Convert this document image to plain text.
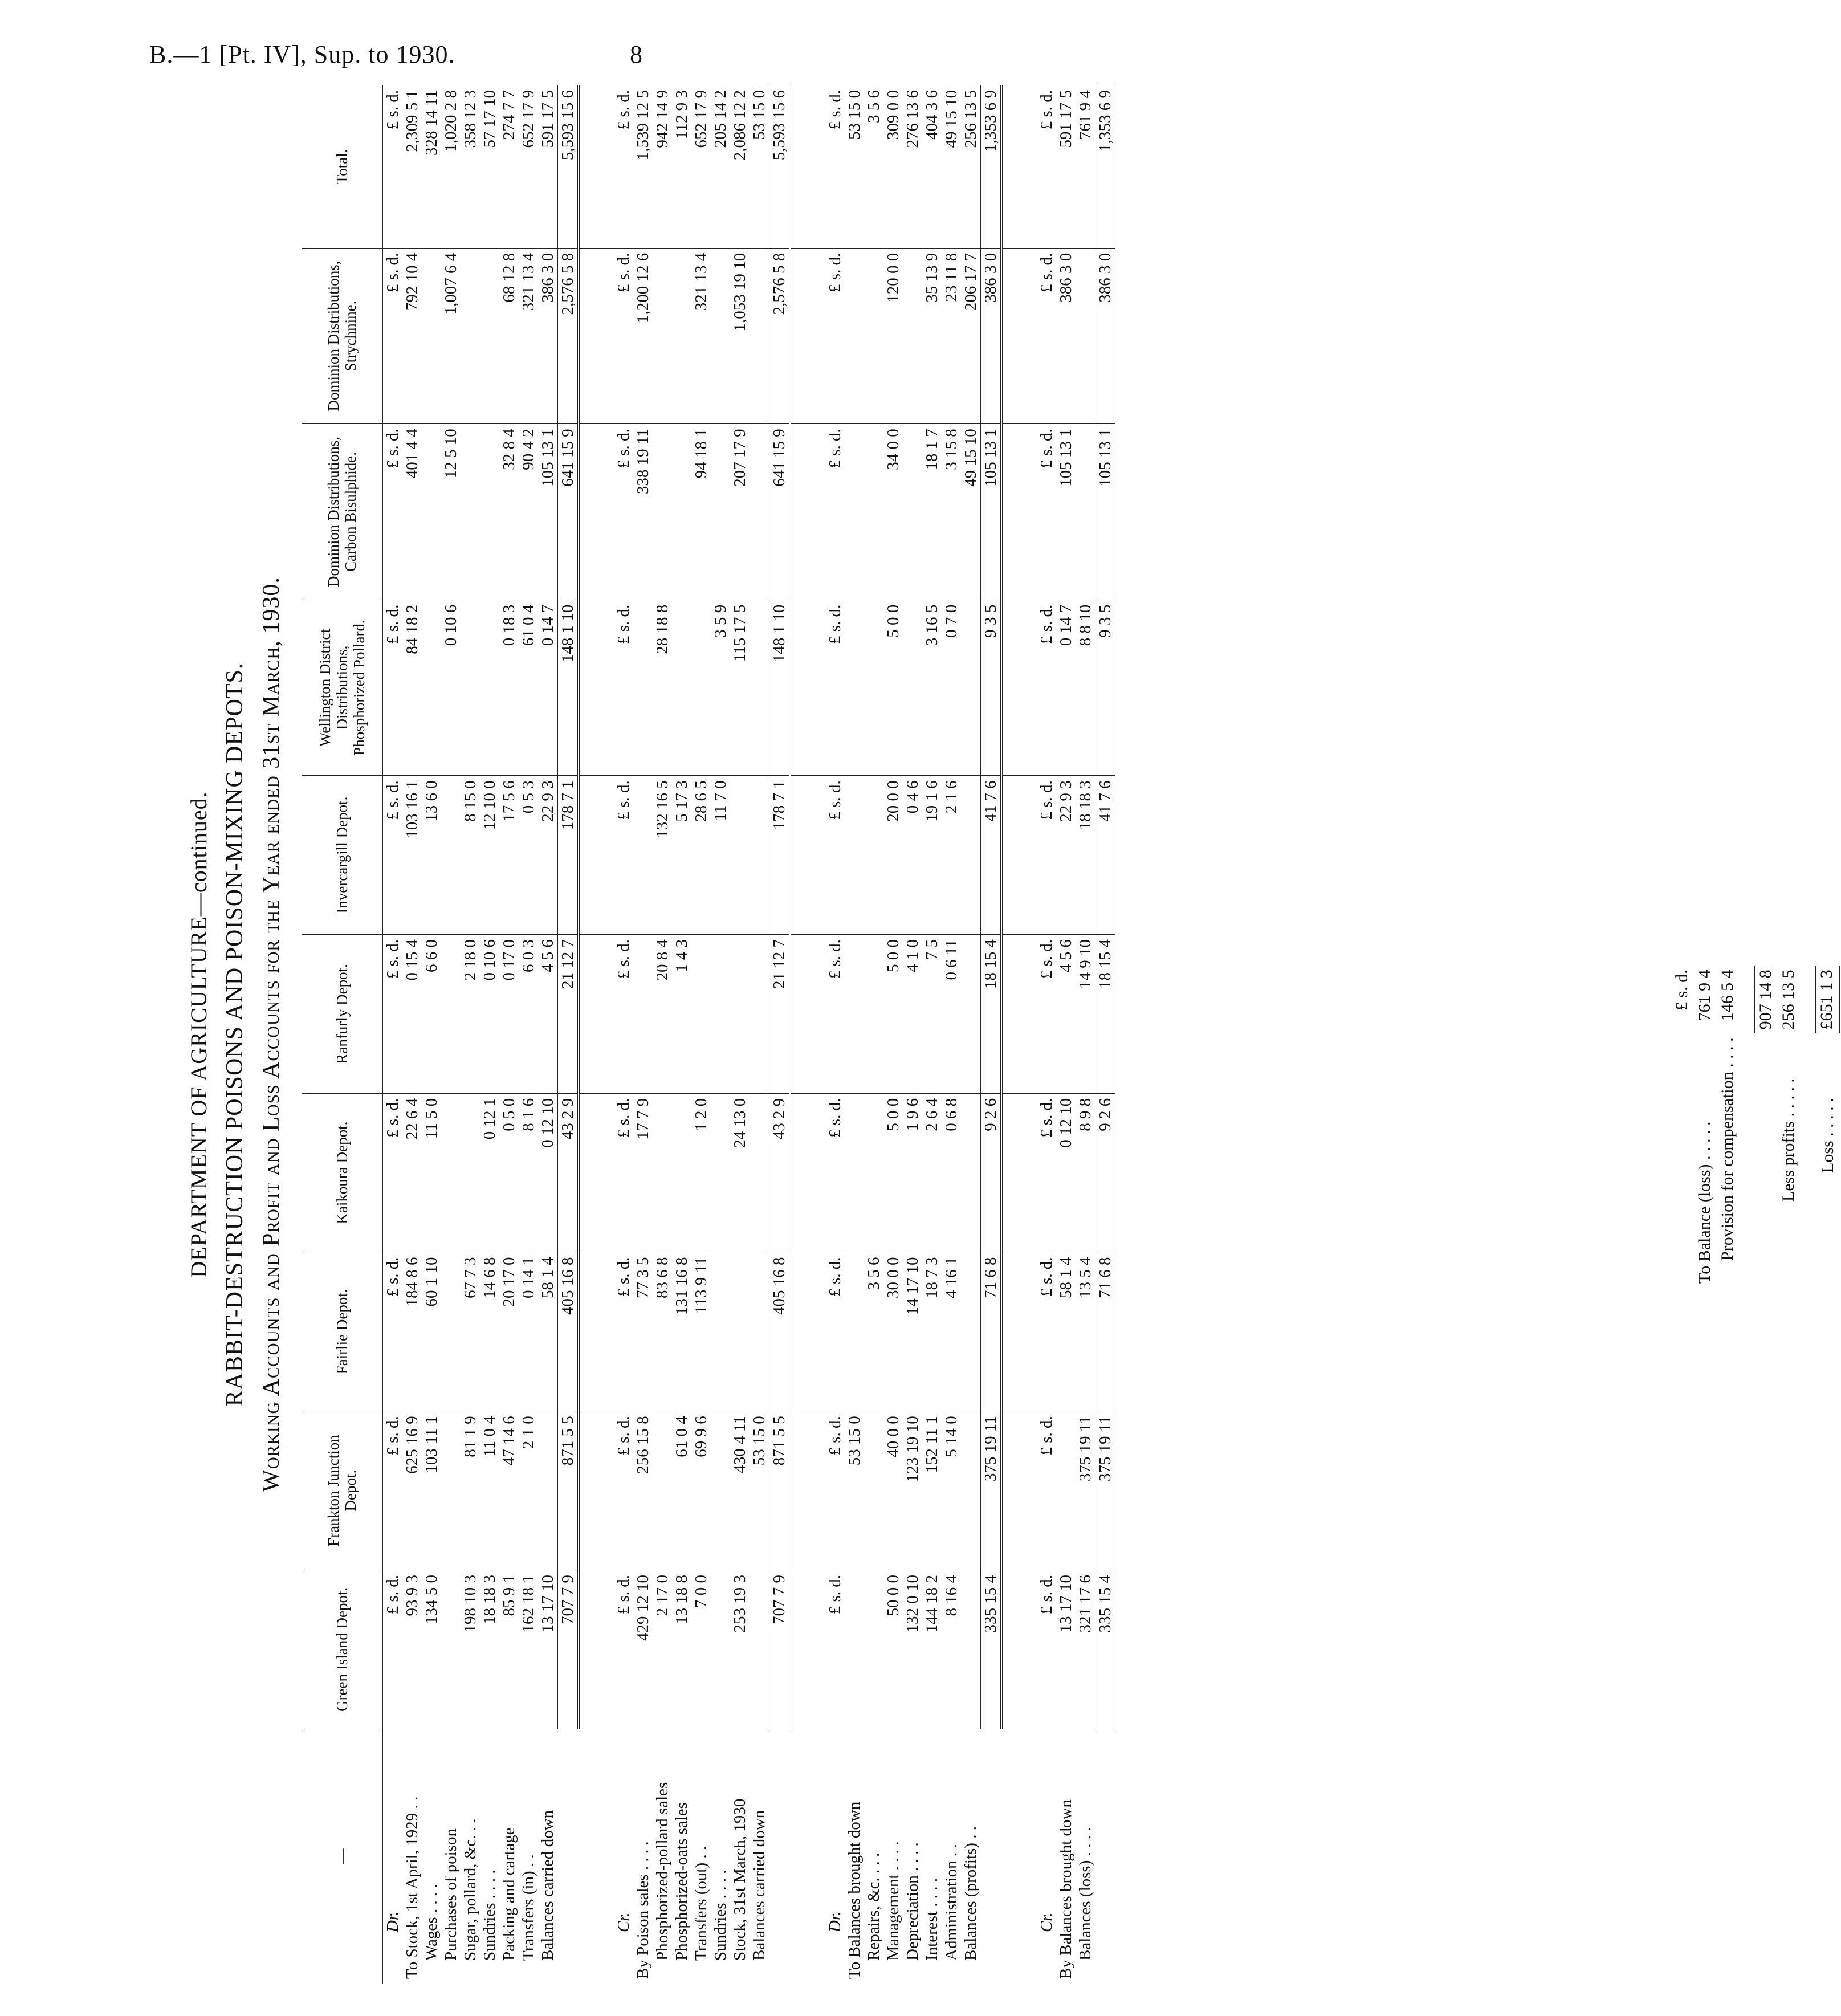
B.—1 [Pt. IV], Sup. to 1930.	8
DEPARTMENT OF AGRICULTURE—continued. RABBIT-DESTRUCTION POISONS AND POISON-MIXING DEPOTS. Working Accounts and Profit and Loss Accounts for the Year ended 31st March, 1930.
—	Green Island Depot.	Frankton Junction Depot.	Fairlie Depot.	Kaikoura Depot.	Ranfurly Depot.	Invercargill Depot.	Wellington District Distributions, Phosphorized Pollard.	Dominion Distributions, Carbon Bisulphide.	Dominion Distributions, Strychnine.	Total.
Dr.	£ s. d.	£ s. d.	£ s. d.	£ s. d.	£ s. d.	£ s. d.	£ s. d.	£ s. d.	£ s. d.	£ s. d.
To Stock, 1st April, 1929 . .	93 9 3	625 16 9	184 8 6	22 6 4	0 15 4	103 16 1	84 18 2	401 4 4	792 10 4	2,309 5 1
Wages . . . .	134 5 0	103 11 1	60 1 10	11 5 0	6 6 0	13 6 0				328 14 11
Purchases of poison							0 10 6	12 5 10	1,007 6 4	1,020 2 8
Sugar, pollard, &c. . .	198 10 3	81 1 9	67 7 3		2 18 0	8 15 0				358 12 3
Sundries . . . .	18 18 3	11 0 4	14 6 8	0 12 1	0 10 6	12 10 0				57 17 10
Packing and cartage	85 9 1	47 14 6	20 17 0	0 5 0	0 17 0	17 5 6	0 18 3	32 8 4	68 12 8	274 7 7
Transfers (in) . .	162 18 1	2 1 0	0 14 1	8 1 6	6 0 3	0 5 3	61 0 4	90 4 2	321 13 4	652 17 9
Balances carried down	13 17 10		58 1 4	0 12 10	4 5 6	22 9 3	0 14 7	105 13 1	386 3 0	591 17 5
	707 7 9	871 5 5	405 16 8	43 2 9	21 12 7	178 7 1	148 1 10	641 15 9	2,576 5 8	5,593 15 6

Cr.	£ s. d.	£ s. d.	£ s. d.	£ s. d.	£ s. d.	£ s. d.	£ s. d.	£ s. d.	£ s. d.	£ s. d.
By Poison sales . . . .	429 12 10	256 15 8	77 3 5	17 7 9				338 19 11	1,200 12 6	1,539 12 5
Phosphorized-pollard sales	2 17 0		83 6 8		20 8 4	132 16 5	28 18 8			942 14 9
Phosphorized-oats sales	13 18 8	61 0 4	131 16 8		1 4 3	5 17 3				112 9 3
Transfers (out) . .	7 0 0	69 9 6	113 9 11	1 2 0		28 6 5		94 18 1	321 13 4	652 17 9
Sundries . . . .						11 7 0	3 5 9			205 14 2
Stock, 31st March, 1930	253 19 3	430 4 11		24 13 0			115 17 5	207 17 9	1,053 19 10	2,086 12 2
Balances carried down		53 15 0								53 15 0
	707 7 9	871 5 5	405 16 8	43 2 9	21 12 7	178 7 1	148 1 10	641 15 9	2,576 5 8	5,593 15 6

Dr.	£ s. d.	£ s. d.	£ s. d.	£ s. d.	£ s. d.	£ s. d.	£ s. d.	£ s. d.	£ s. d.	£ s. d.
To Balances brought down		53 15 0								53 15 0
Repairs, &c. . . .			3 5 6							3 5 6
Management . . . .	50 0 0	40 0 0	30 0 0	5 0 0	5 0 0	20 0 0	5 0 0	34 0 0	120 0 0	309 0 0
Depreciation . . . .	132 0 10	123 19 10	14 17 10	1 9 6	4 1 0	0 4 6				276 13 6
Interest . . . .	144 18 2	152 11 1	18 7 3	2 6 4	7 5	19 1 6	3 16 5	18 1 7	35 13 9	404 3 6
Administration . .	8 16 4	5 14 0	4 16 1	0 6 8	0 6 11	2 1 6	0 7 0	3 15 8	23 11 8	49 15 10
Balances (profits) . .								49 15 10	206 17 7	256 13 5
	335 15 4	375 19 11	71 6 8	9 2 6	18 15 4	41 7 6	9 3 5	105 13 1	386 3 0	1,353 6 9

Cr.	£ s. d.	£ s. d.	£ s. d.	£ s. d.	£ s. d.	£ s. d.	£ s. d.	£ s. d.	£ s. d.	£ s. d.
By Balances brought down	13 17 10		58 1 4	0 12 10	4 5 6	22 9 3	0 14 7	105 13 1	386 3 0	591 17 5
Balances (loss) . . . .	321 17 6	375 19 11	13 5 4	8 9 8	14 9 10	18 18 3	8 8 10			761 9 4
	335 15 4	375 19 11	71 6 8	9 2 6	18 15 4	41 7 6	9 3 5	105 13 1	386 3 0	1,353 6 9
	£ s. d.
To Balance (loss) . . . . .	761 9 4
Provision for compensation . . . .	146 5 4

	907 14 8
Less profits . . . . .	256 13 5

Loss . . . . .	£651 1 3
